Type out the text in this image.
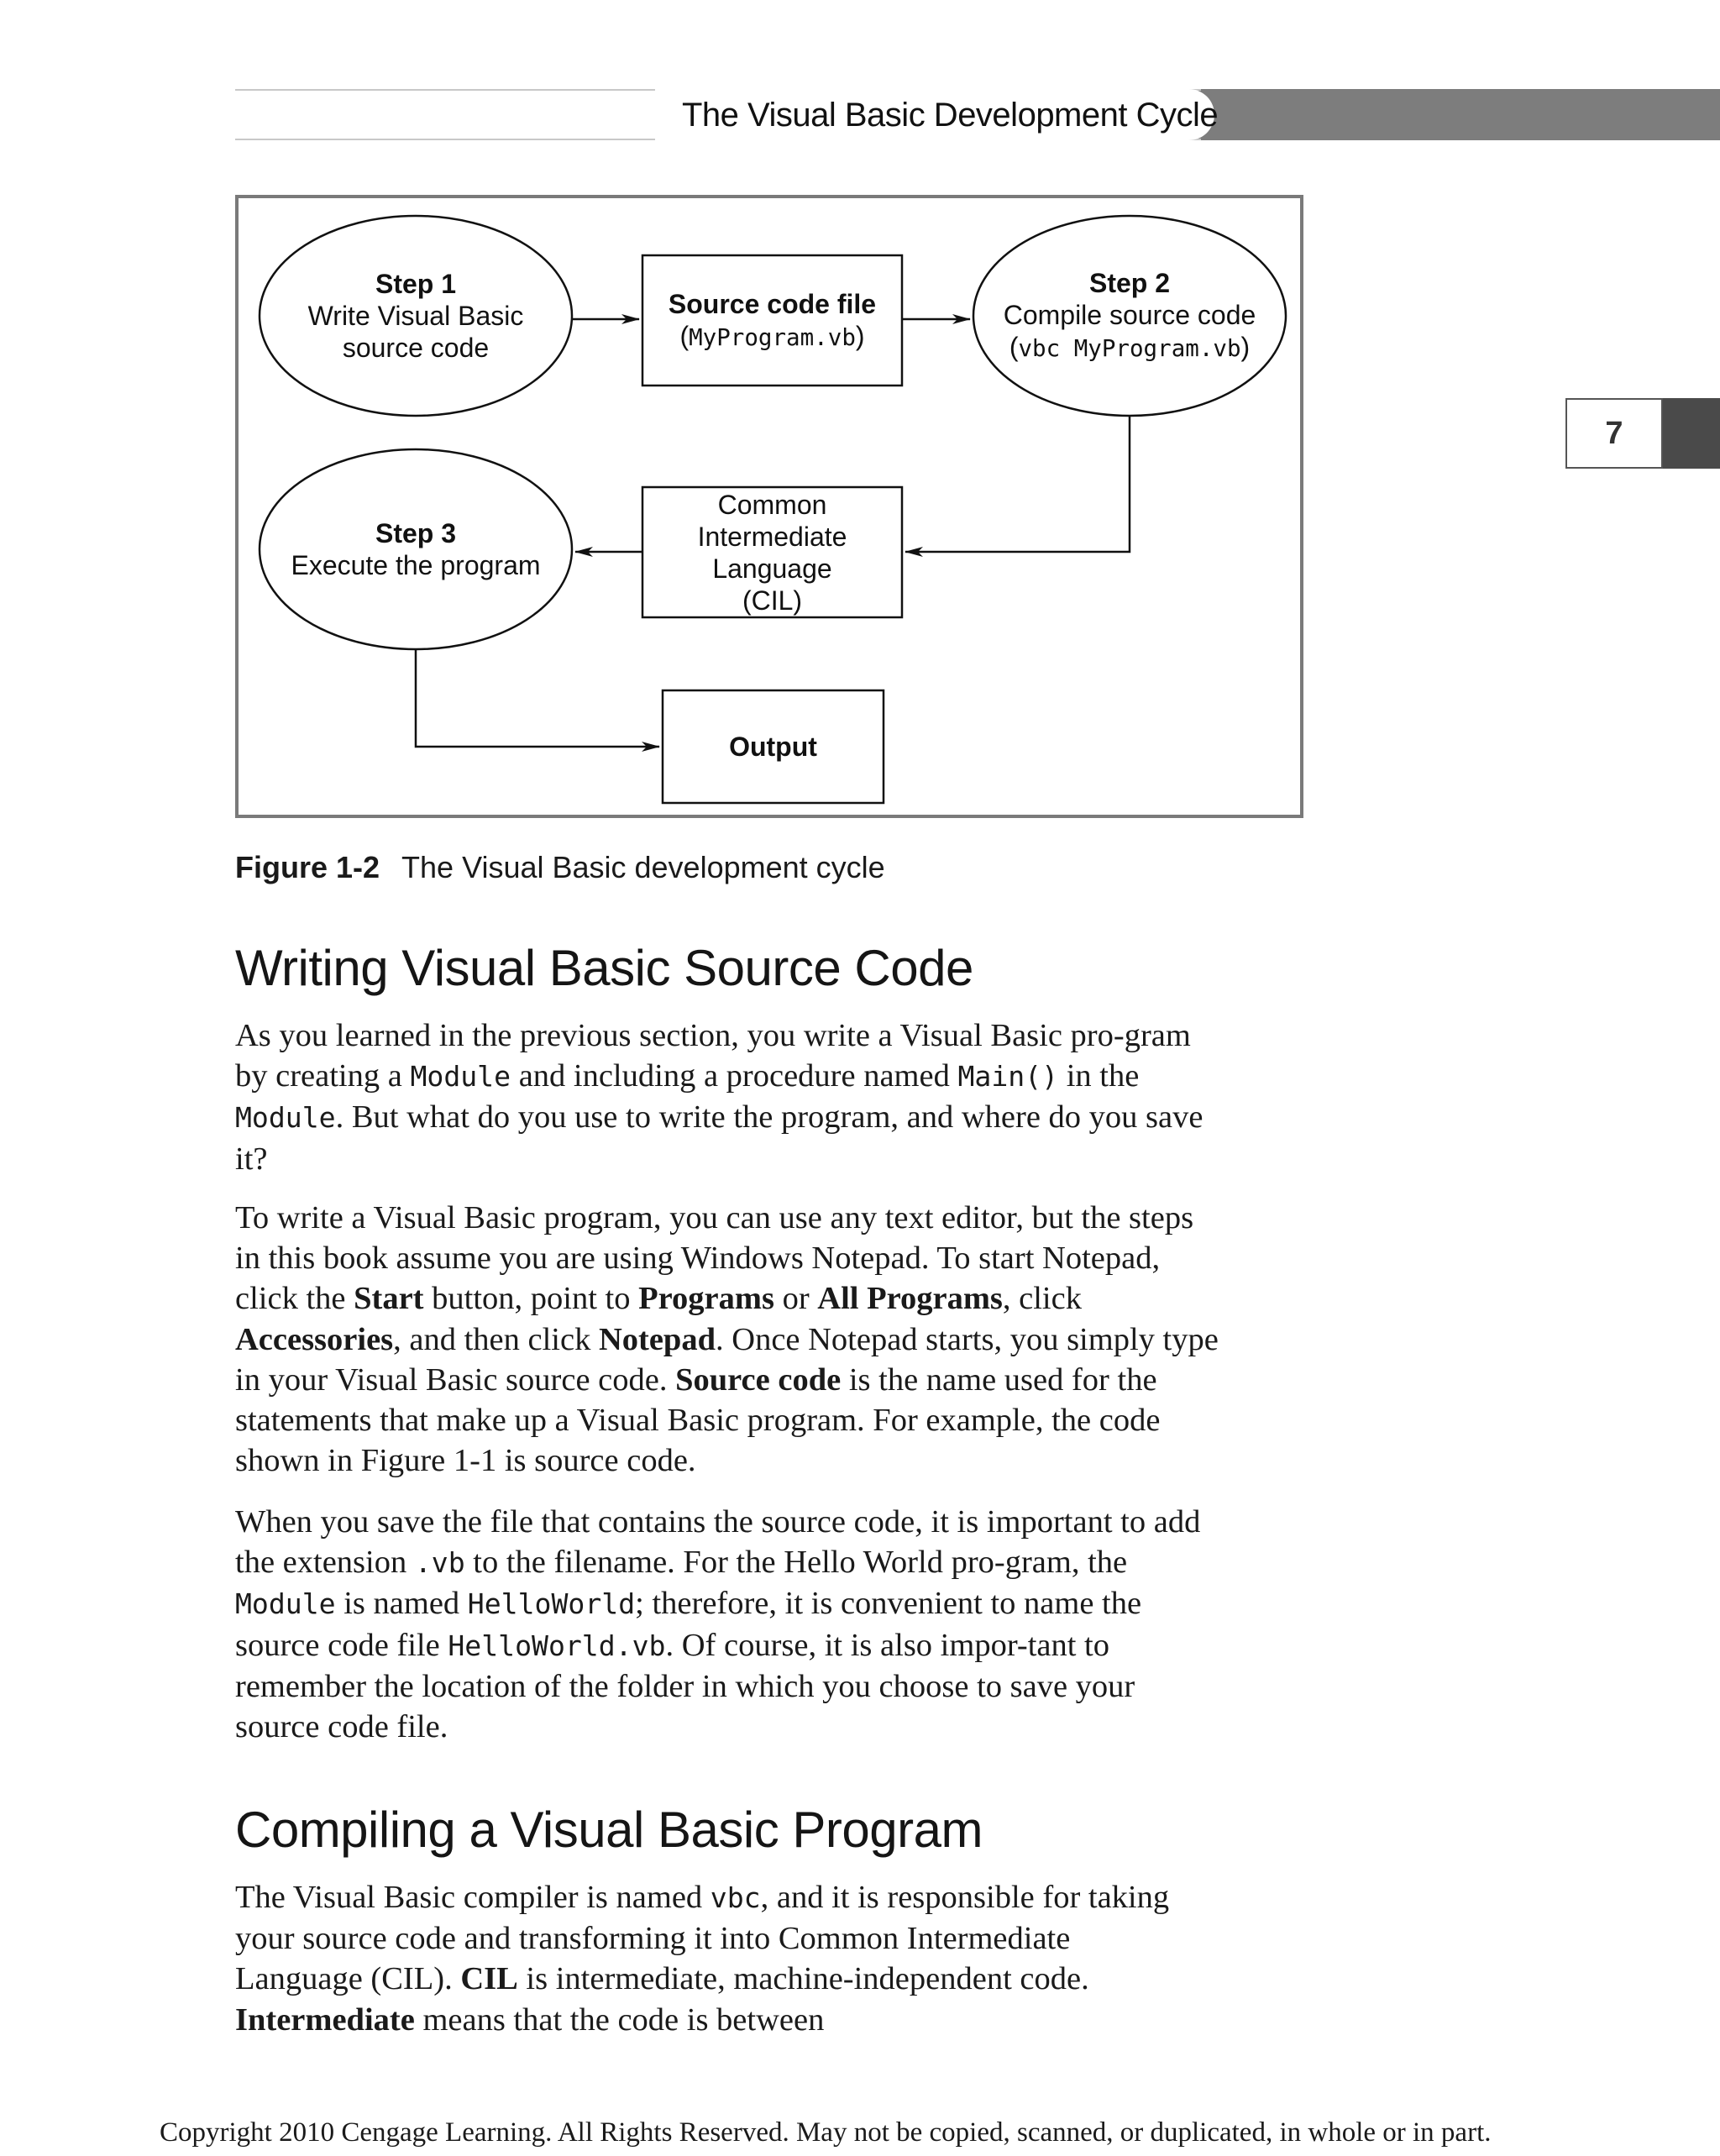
The Visual Basic Development Cycle
7
Step 1
Write Visual Basic
source code
Source code file
(MyProgram.vb)
Step 2
Compile source code
(vbc MyProgram.vb)
Common Intermediate
Language
(CIL)
Step 3
Execute the program
Output
Figure 1-2 The Visual Basic development cycle
Writing Visual Basic Source Code
As you learned in the previous section, you write a Visual Basic pro-gram by creating a Module and including a procedure named Main() in the Module. But what do you use to write the program, and where do you save it?
To write a Visual Basic program, you can use any text editor, but the steps in this book assume you are using Windows Notepad. To start Notepad, click the Start button, point to Programs or All Programs, click Accessories, and then click Notepad. Once Notepad starts, you simply type in your Visual Basic source code. Source code is the name used for the statements that make up a Visual Basic program. For example, the code shown in Figure 1-1 is source code.
When you save the file that contains the source code, it is important to add the extension .vb to the filename. For the Hello World pro-gram, the Module is named HelloWorld; therefore, it is convenient to name the source code file HelloWorld.vb. Of course, it is also impor-tant to remember the location of the folder in which you choose to save your source code file.
Compiling a Visual Basic Program
The Visual Basic compiler is named vbc, and it is responsible for taking your source code and transforming it into Common Intermediate Language (CIL). CIL is intermediate, machine-independent code. Intermediate means that the code is between
Copyright 2010 Cengage Learning. All Rights Reserved. May not be copied, scanned, or duplicated, in whole or in part.
